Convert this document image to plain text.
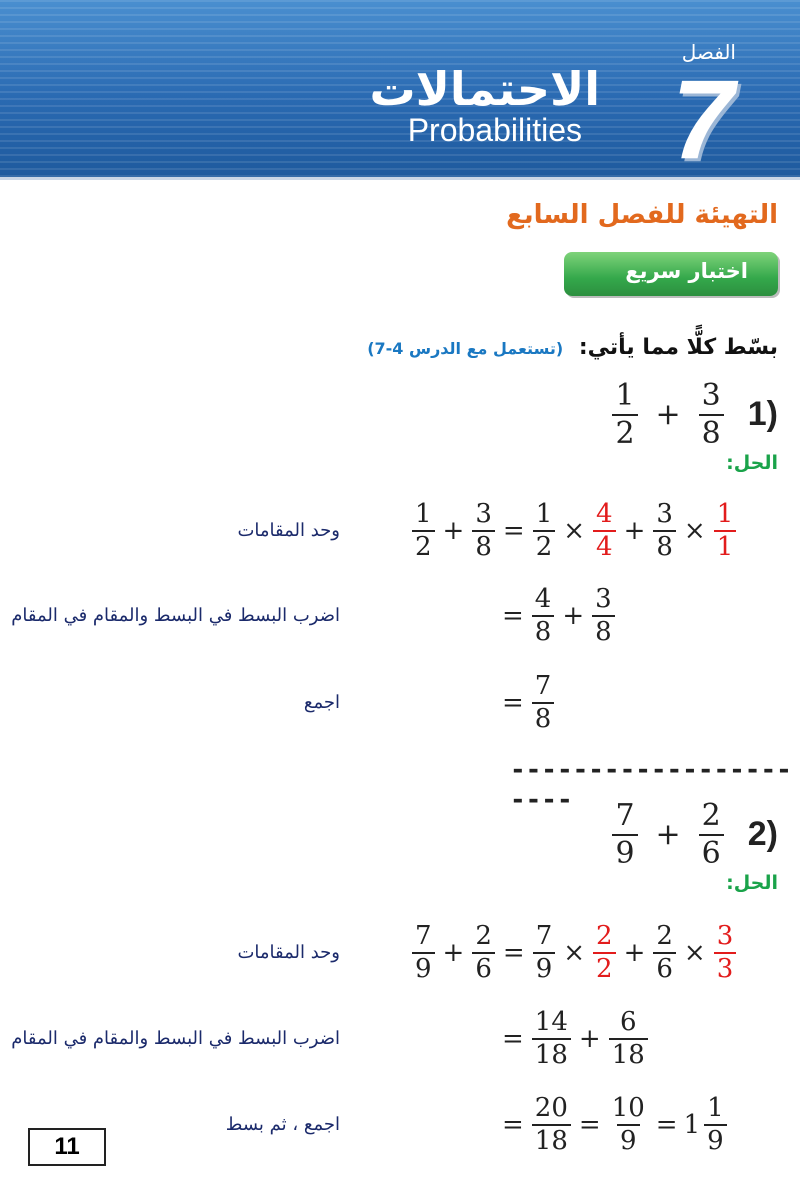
الفصل
7
الاحتمالات
Probabilities
التهيئة للفصل السابع
اختبار سريع
بسّط كلًّا مما يأتي: (تستعمل مع الدرس 4-7)
$\frac{1}{2} + \frac{3}{8} 1$)
الحل:
$\frac{1}{2} + \frac{3}{8} = \frac{1}{2} \times \frac{4}{4} + \frac{3}{8} \times \frac{1}{1}$
وحد المقامات
= $\frac{4}{8} + \frac{3}{8}$
اضرب البسط في البسط والمقام في المقام
= $\frac{7}{8}$
اجمع
----------------------	$\frac{7}{9} + \frac{2}{6} 2$)
الحل:
$\frac{7}{9} + \frac{2}{6} = \frac{7}{9} \times \frac{2}{2} + \frac{2}{6} \times \frac{3}{3}$
وحد المقامات
= $\frac{14}{18} + \frac{6}{18}$
اضرب البسط في البسط والمقام في المقام
= $\frac{20}{18} = \frac{10}{9} = 1 \frac{1}{9}$
اجمع ، ثم بسط
11
